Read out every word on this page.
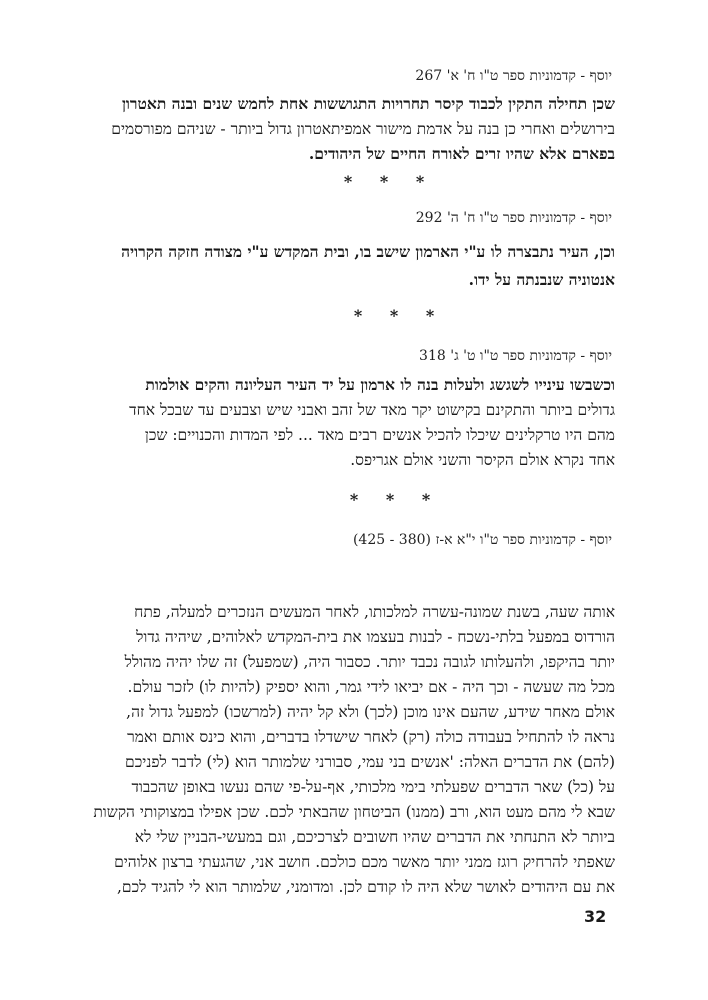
יוסף - קדמוניות ספר ט"ו ח' א' 267
שכן תחילה התקין לכבוד קיסר תחרויות התגוששות אחת לחמש שנים ובנה תאטרון
בירושלים ואחרי כן בנה על אדמת מישור אמפיתאטרון גדול ביותר - שניהם מפורסמים
בפארם אלא שהיו זרים לאורח החיים של היהודים.
* * *
יוסף - קדמוניות ספר ט"ו ח' ה' 292
וכן, העיר נתבצרה לו ע"י הארמון שישב בו, ובית המקדש ע"י מצודה חזקה הקרויה
אנטוניה שנבנתה על ידו.
* * *
יוסף - קדמוניות ספר ט"ו ט' ג' 318
וכשבשו עינייו לשגשג ולעלות בנה לו ארמון על יד העיר העליונה והקים אולמות
גדולים ביותר והתקינם בקישוט יקר מאד של זהב ואבני שיש וצבעים עד שבכל אחד
מהם היו טרקלינים שיכלו להכיל אנשים רבים מאד ... לפי המדות והכנויים: שכן
אחד נקרא אולם הקיסר והשני אולם אגריפס.
* * *
יוסף - קדמוניות ספר ט"ו י"א א-ז (380 - 425)
אותה שעה, בשנת שמונה-עשרה למלכותו, לאחר המעשים הנזכרים למעלה, פתח
הורדוס במפעל בלתי-נשכח - לבנות בעצמו את בית-המקדש לאלוהים, שיהיה גדול
יותר בהיקפו, ולהעלותו לגובה נכבד יותר. כסבור היה, (שמפעל) זה שלו יהיה מהולל
מכל מה שעשה - וכך היה - אם יביאו לידי גמר, והוא יספיק (להיות לו) לזכר עולם.
אולם מאחר שידע, שהעם אינו מוכן (לכך) ולא קל יהיה (למרשכו) למפעל גדול זה,
נראה לו להתחיל בעבודה כולה (רק) לאחר שישדלו בדברים, והוא כינס אותם ואמר
(להם) את הדברים האלה: 'אנשים בני עמי, סבורני שלמותר הוא (לי) לדבר לפניכם
על (כל) שאר הדברים שפעלתי בימי מלכותי, אף-על-פי שהם נעשו באופן שהכבוד
שבא לי מהם מעט הוא, ורב (ממנו) הביטחון שהבאתי לכם. שכן אפילו במצוקותי הקשות
ביותר לא התנחתי את הדברים שהיו חשובים לצרכיכם, וגם במעשי-הבניין שלי לא
שאפתי להרחיק רוגז ממני יותר מאשר מכם כולכם. חושב אני, שהגעתי ברצון אלוהים
את עם היהודים לאושר שלא היה לו קודם לכן. ומדומני, שלמותר הוא לי להגיד לכם,
32
